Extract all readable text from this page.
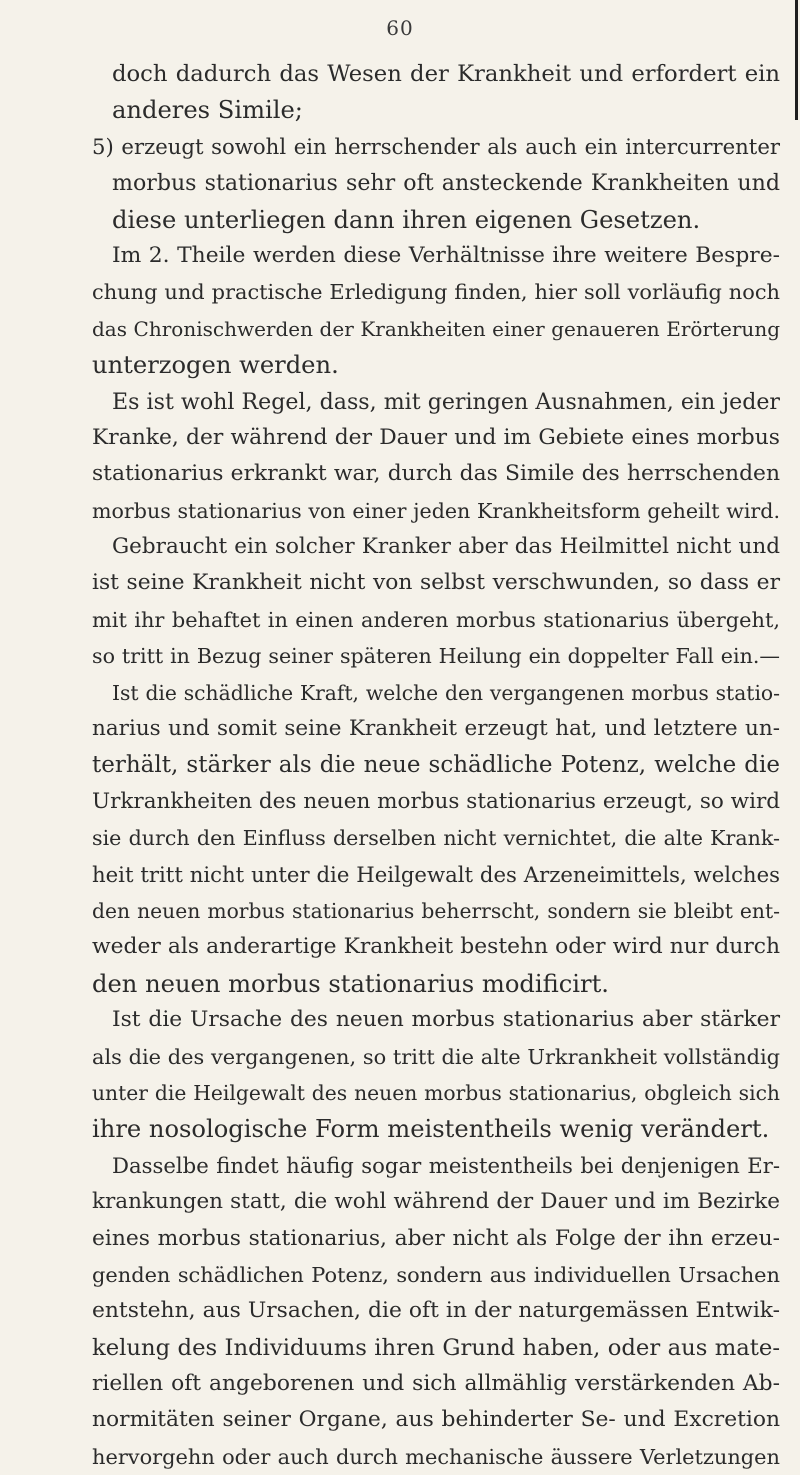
60
doch dadurch das Wesen der Krankheit und erfordert ein
anderes Simile;
5) erzeugt sowohl ein herrschender als auch ein intercurrenter
morbus stationarius sehr oft ansteckende Krankheiten und
diese unterliegen dann ihren eigenen Gesetzen.
Im 2. Theile werden diese Verhältnisse ihre weitere Bespre-
chung und practische Erledigung finden, hier soll vorläufig noch
das Chronischwerden der Krankheiten einer genaueren Erörterung
unterzogen werden.
Es ist wohl Regel, dass, mit geringen Ausnahmen, ein jeder
Kranke, der während der Dauer und im Gebiete eines morbus
stationarius erkrankt war, durch das Simile des herrschenden
morbus stationarius von einer jeden Krankheitsform geheilt wird.
Gebraucht ein solcher Kranker aber das Heilmittel nicht und
ist seine Krankheit nicht von selbst verschwunden, so dass er
mit ihr behaftet in einen anderen morbus stationarius übergeht,
so tritt in Bezug seiner späteren Heilung ein doppelter Fall ein.—
Ist die schädliche Kraft, welche den vergangenen morbus statio-
narius und somit seine Krankheit erzeugt hat, und letztere un-
terhält, stärker als die neue schädliche Potenz, welche die
Urkrankheiten des neuen morbus stationarius erzeugt, so wird
sie durch den Einfluss derselben nicht vernichtet, die alte Krank-
heit tritt nicht unter die Heilgewalt des Arzeneimittels, welches
den neuen morbus stationarius beherrscht, sondern sie bleibt ent-
weder als anderartige Krankheit bestehn oder wird nur durch
den neuen morbus stationarius modificirt.
Ist die Ursache des neuen morbus stationarius aber stärker
als die des vergangenen, so tritt die alte Urkrankheit vollständig
unter die Heilgewalt des neuen morbus stationarius, obgleich sich
ihre nosologische Form meistentheils wenig verändert.
Dasselbe findet häufig sogar meistentheils bei denjenigen Er-
krankungen statt, die wohl während der Dauer und im Bezirke
eines morbus stationarius, aber nicht als Folge der ihn erzeu-
genden schädlichen Potenz, sondern aus individuellen Ursachen
entstehn, aus Ursachen, die oft in der naturgemässen Entwik-
kelung des Individuums ihren Grund haben, oder aus mate-
riellen oft angeborenen und sich allmählig verstärkenden Ab-
normitäten seiner Organe, aus behinderter Se- und Excretion
hervorgehn oder auch durch mechanische äussere Verletzungen
